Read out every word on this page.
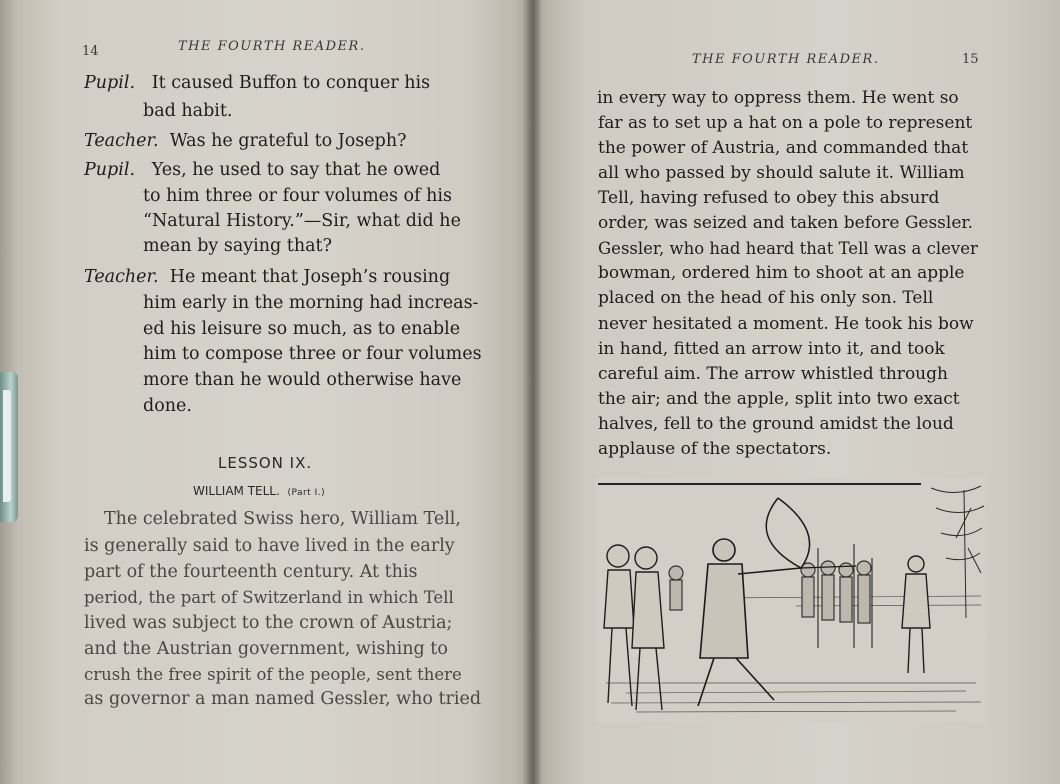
14	THE FOURTH READER.
Pupil. It caused Buffon to conquer his
bad habit.
Teacher. Was he grateful to Joseph?
Pupil. Yes, he used to say that he owed
to him three or four volumes of his
“Natural History.”—Sir, what did he
mean by saying that?
Teacher. He meant that Joseph’s rousing
him early in the morning had increas-
ed his leisure so much, as to enable
him to compose three or four volumes
more than he would otherwise have
done.
LESSON IX.
WILLIAM TELL. (Part I.)
The celebrated Swiss hero, William Tell,
is generally said to have lived in the early
part of the fourteenth century. At this
period, the part of Switzerland in which Tell
lived was subject to the crown of Austria;
and the Austrian government, wishing to
crush the free spirit of the people, sent there
as governor a man named Gessler, who tried
THE FOURTH READER.	15
in every way to oppress them. He went so
far as to set up a hat on a pole to represent
the power of Austria, and commanded that
all who passed by should salute it. William
Tell, having refused to obey this absurd
order, was seized and taken before Gessler.
Gessler, who had heard that Tell was a clever
bowman, ordered him to shoot at an apple
placed on the head of his only son. Tell
never hesitated a moment. He took his bow
in hand, fitted an arrow into it, and took
careful aim. The arrow whistled through
the air; and the apple, split into two exact
halves, fell to the ground amidst the loud
applause of the spectators.
